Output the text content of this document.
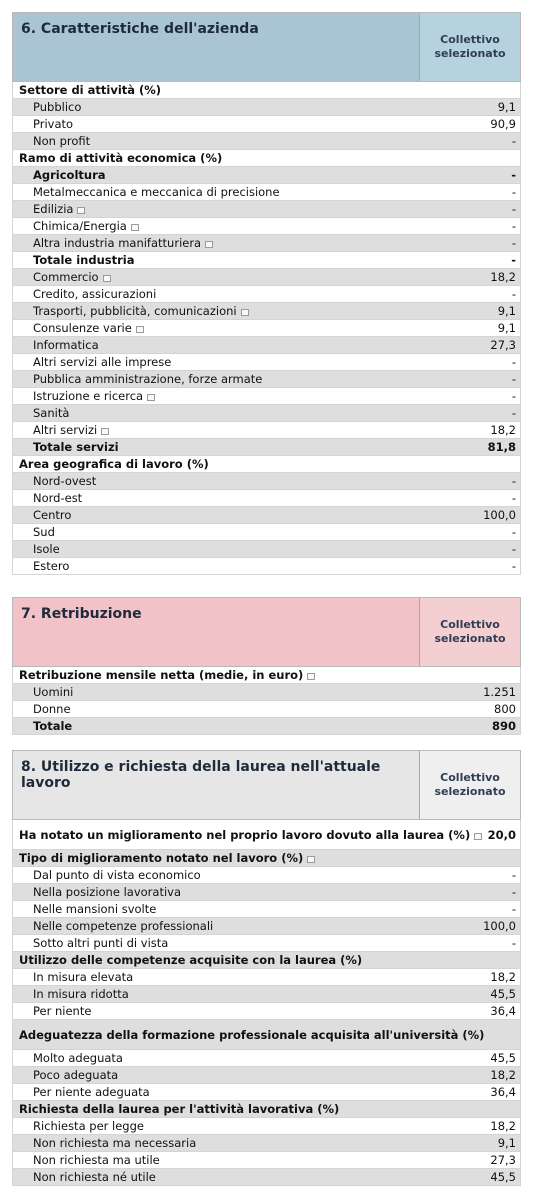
6. Caratteristiche dell'azienda
Collettivo selezionato
Settore di attività (%)
Pubblico	9,1
Privato	90,9
Non profit	-
Ramo di attività economica (%)
Agricoltura	-
Metalmeccanica e meccanica di precisione	-
Edilizia	-
Chimica/Energia	-
Altra industria manifatturiera	-
Totale industria	-
Commercio	18,2
Credito, assicurazioni	-
Trasporti, pubblicità, comunicazioni	9,1
Consulenze varie	9,1
Informatica	27,3
Altri servizi alle imprese	-
Pubblica amministrazione, forze armate	-
Istruzione e ricerca	-
Sanità	-
Altri servizi	18,2
Totale servizi	81,8
Area geografica di lavoro (%)
Nord-ovest	-
Nord-est	-
Centro	100,0
Sud	-
Isole	-
Estero	-
7. Retribuzione
Collettivo selezionato
Retribuzione mensile netta (medie, in euro)
Uomini	1.251
Donne	800
Totale	890
8. Utilizzo e richiesta della laurea nell'attuale lavoro	Collettivo selezionato
Ha notato un miglioramento nel proprio lavoro dovuto alla laurea (%)	20,0
Tipo di miglioramento notato nel lavoro (%)
Dal punto di vista economico	-
Nella posizione lavorativa	-
Nelle mansioni svolte	-
Nelle competenze professionali	100,0
Sotto altri punti di vista	-
Utilizzo delle competenze acquisite con la laurea (%)
In misura elevata	18,2
In misura ridotta	45,5
Per niente	36,4
Adeguatezza della formazione professionale acquisita all'università (%)
Molto adeguata	45,5
Poco adeguata	18,2
Per niente adeguata	36,4
Richiesta della laurea per l'attività lavorativa (%)
Richiesta per legge	18,2
Non richiesta ma necessaria	9,1
Non richiesta ma utile	27,3
Non richiesta né utile	45,5
